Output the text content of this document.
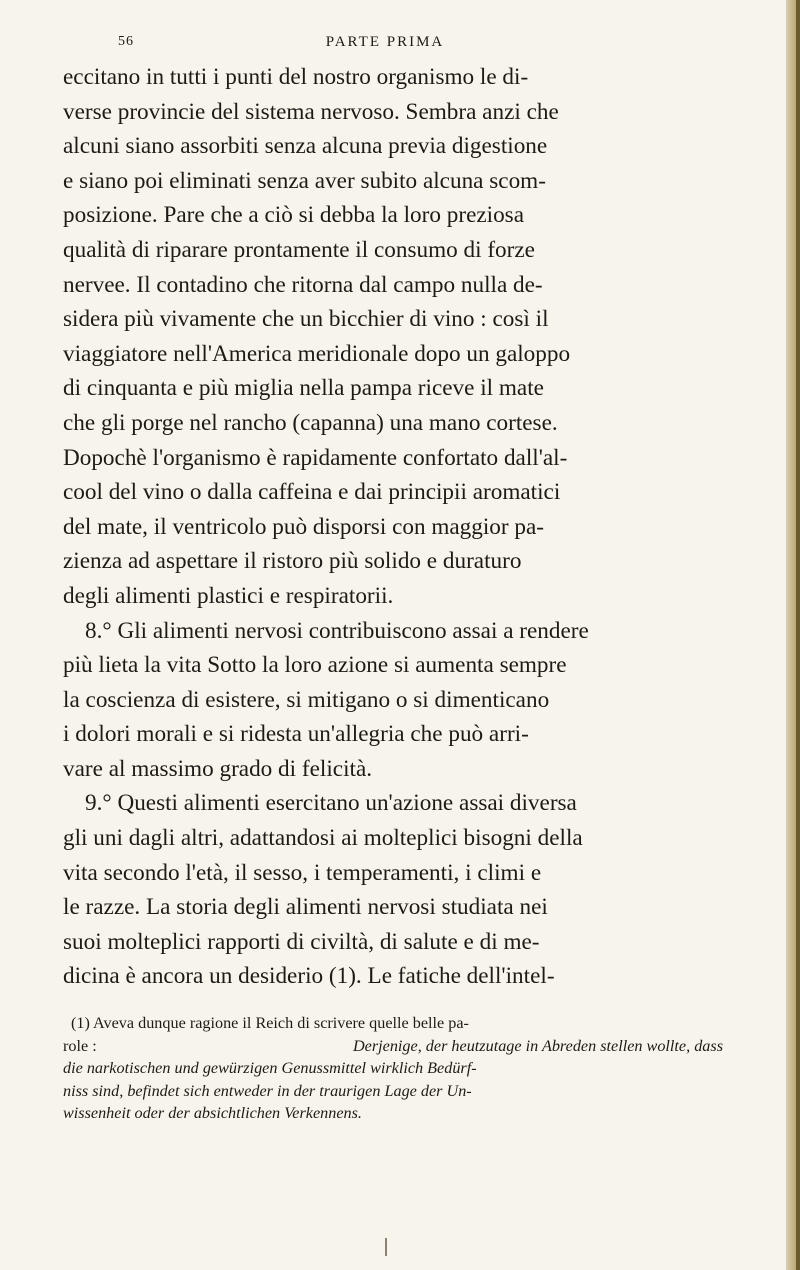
56	PARTE PRIMA
eccitano in tutti i punti del nostro organismo le di-
verse provincie del sistema nervoso. Sembra anzi che
alcuni siano assorbiti senza alcuna previa digestione
e siano poi eliminati senza aver subito alcuna scom-
posizione. Pare che a ciò si debba la loro preziosa
qualità di riparare prontamente il consumo di forze
nervee. Il contadino che ritorna dal campo nulla de-
sidera più vivamente che un bicchier di vino : così il
viaggiatore nell'America meridionale dopo un galoppo
di cinquanta e più miglia nella pampa riceve il mate
che gli porge nel rancho (capanna) una mano cortese.
Dopochè l'organismo è rapidamente confortato dall'al-
cool del vino o dalla caffeina e dai principii aromatici
del mate, il ventricolo può disporsi con maggior pa-
zienza ad aspettare il ristoro più solido e duraturo
degli alimenti plastici e respiratorii.
8.° Gli alimenti nervosi contribuiscono assai a rendere
più lieta la vita Sotto la loro azione si aumenta sempre
la coscienza di esistere, si mitigano o si dimenticano
i dolori morali e si ridesta un'allegria che può arri-
vare al massimo grado di felicità.
9.° Questi alimenti esercitano un'azione assai diversa
gli uni dagli altri, adattandosi ai molteplici bisogni della
vita secondo l'età, il sesso, i temperamenti, i climi e
le razze. La storia degli alimenti nervosi studiata nei
suoi molteplici rapporti di civiltà, di salute e di me-
dicina è ancora un desiderio (1). Le fatiche dell'intel-
(1) Aveva dunque ragione il Reich di scrivere quelle belle pa-
role :	Derjenige, der heutzutage in Abreden stellen wollte, dass
die narkotischen und gewürzigen Genussmittel wirklich Bedürf-
niss sind, befindet sich entweder in der traurigen Lage der Un-
wissenheit oder der absichtlichen Verkennens.
